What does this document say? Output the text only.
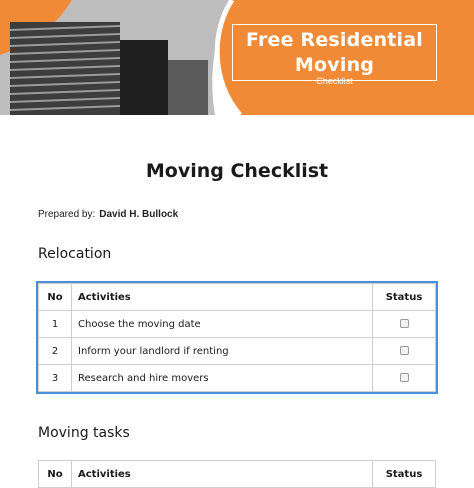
Free Residential Moving
Checklist
Moving Checklist
Prepared by: David H. Bullock
Relocation
No	Activities	Status
1	Choose the moving date	
2	Inform your landlord if renting	
3	Research and hire movers	
Moving tasks
No	Activities	Status
